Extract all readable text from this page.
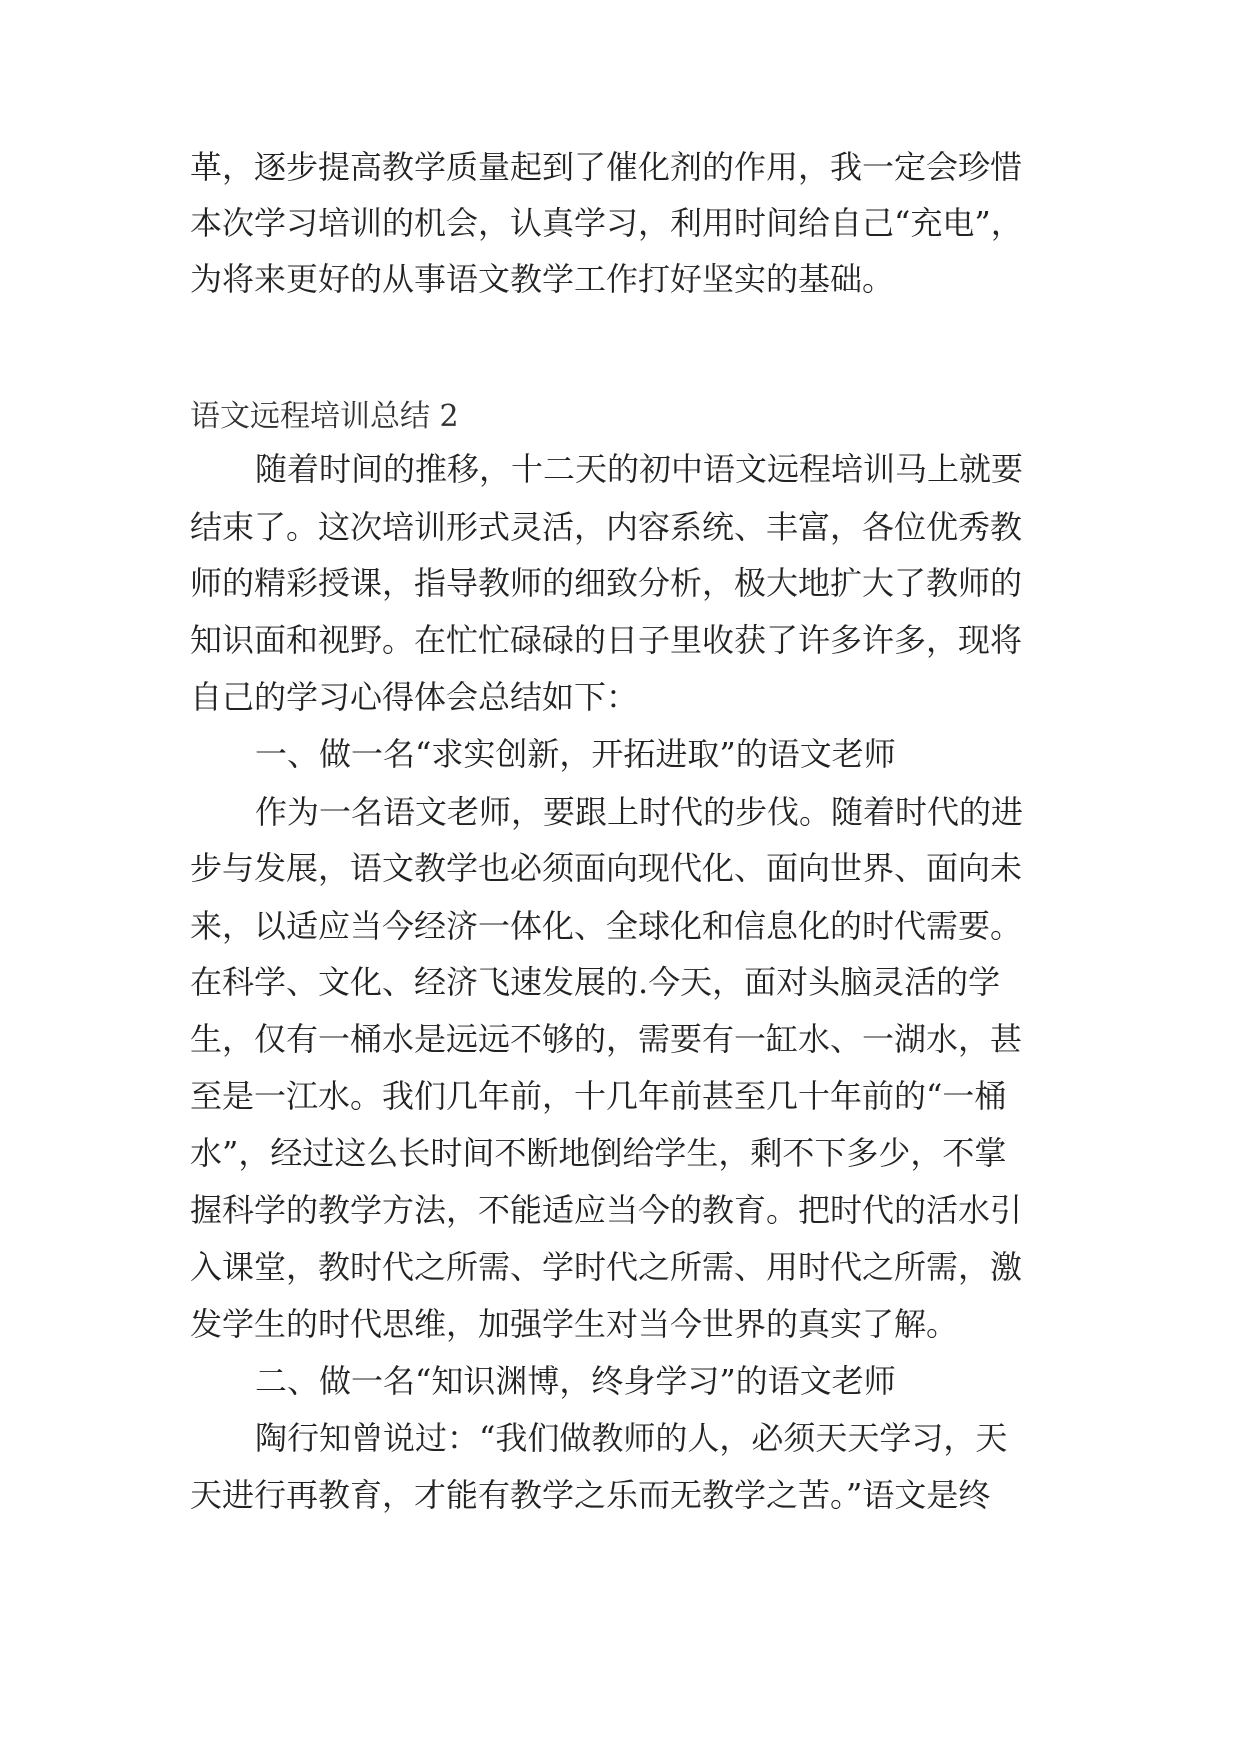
革，逐步提高教学质量起到了催化剂的作用，我一定会珍惜

本次学习培训的机会，认真学习，利用时间给自己“充电”，

为将来更好的从事语文教学工作打好坚实的基础。

语文远程培训总结 2

随着时间的推移，十二天的初中语文远程培训马上就要

结束了。这次培训形式灵活，内容系统、丰富，各位优秀教

师的精彩授课，指导教师的细致分析，极大地扩大了教师的

知识面和视野。在忙忙碌碌的日子里收获了许多许多，现将

自己的学习心得体会总结如下：

一、做一名“求实创新，开拓进取”的语文老师

作为一名语文老师，要跟上时代的步伐。随着时代的进

步与发展，语文教学也必须面向现代化、面向世界、面向未

来，以适应当今经济一体化、全球化和信息化的时代需要。

在科学、文化、经济飞速发展的.今天，面对头脑灵活的学

生，仅有一桶水是远远不够的，需要有一缸水、一湖水，甚

至是一江水。我们几年前，十几年前甚至几十年前的“一桶

水”，经过这么长时间不断地倒给学生，剩不下多少，不掌

握科学的教学方法，不能适应当今的教育。把时代的活水引

入课堂，教时代之所需、学时代之所需、用时代之所需，激

发学生的时代思维，加强学生对当今世界的真实了解。

二、做一名“知识渊博，终身学习”的语文老师

陶行知曾说过：“我们做教师的人，必须天天学习，天

天进行再教育，才能有教学之乐而无教学之苦。”语文是终
